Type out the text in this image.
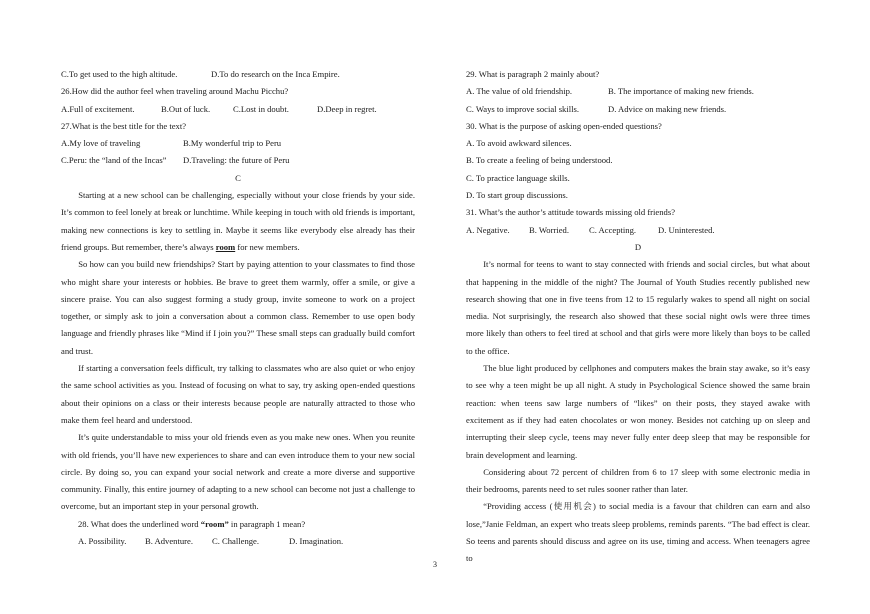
C.To get used to the high altitude.	D.To do research on the Inca Empire.
26.How did the author feel when traveling around Machu Picchu?
A.Full of excitement.	B.Out of luck.	C.Lost in doubt.	D.Deep in regret.
27.What is the best title for the text?
A.My love of traveling	B.My wonderful trip to Peru
C.Peru: the “land of the Incas”	D.Traveling: the future of Peru
C
Starting at a new school can be challenging, especially without your close friends by your side. It’s common to feel lonely at break or lunchtime. While keeping in touch with old friends is important, making new connections is key to settling in. Maybe it seems like everybody else already has their friend groups. But remember, there’s always room for new members.
So how can you build new friendships? Start by paying attention to your classmates to find those who might share your interests or hobbies. Be brave to greet them warmly, offer a smile, or give a sincere praise. You can also suggest forming a study group, invite someone to work on a project together, or simply ask to join a conversation about a common class. Remember to use open body language and friendly phrases like “Mind if I join you?” These small steps can gradually build comfort and trust.
If starting a conversation feels difficult, try talking to classmates who are also quiet or who enjoy the same school activities as you. Instead of focusing on what to say, try asking open-ended questions about their opinions on a class or their interests because people are naturally attracted to those who make them feel heard and understood.
It’s quite understandable to miss your old friends even as you make new ones. When you reunite with old friends, you’ll have new experiences to share and can even introduce them to your new social circle. By doing so, you can expand your social network and create a more diverse and supportive community. Finally, this entire journey of adapting to a new school can become not just a challenge to overcome, but an important step in your personal growth.
28. What does the underlined word “room” in paragraph 1 mean?
A. Possibility.	B. Adventure.	C. Challenge.	D. Imagination.
29. What is paragraph 2 mainly about?
A. The value of old friendship.	B. The importance of making new friends.
C. Ways to improve social skills.	D. Advice on making new friends.
30. What is the purpose of asking open-ended questions?
A. To avoid awkward silences.
B. To create a feeling of being understood.
C. To practice language skills.
D. To start group discussions.
31. What’s the author’s attitude towards missing old friends?
A. Negative.	B. Worried.	C. Accepting.	D. Uninterested.
D
It’s normal for teens to want to stay connected with friends and social circles, but what about that happening in the middle of the night? The Journal of Youth Studies recently published new research showing that one in five teens from 12 to 15 regularly wakes to spend all night on social media. Not surprisingly, the research also showed that these social night owls were three times more likely than others to feel tired at school and that girls were more likely than boys to be called to the office.
The blue light produced by cellphones and computers makes the brain stay awake, so it’s easy to see why a teen might be up all night. A study in Psychological Science showed the same brain reaction: when teens saw large numbers of “likes” on their posts, they stayed awake with excitement as if they had eaten chocolates or won money. Besides not catching up on sleep and interrupting their sleep cycle, teens may never fully enter deep sleep that may be responsible for brain development and learning.
Considering about 72 percent of children from 6 to 17 sleep with some electronic media in their bedrooms, parents need to set rules sooner rather than later.
“Providing access (使用机会) to social media is a favour that children can earn and also lose,”Janie Feldman, an expert who treats sleep problems, reminds parents. “The bad effect is clear. So teens and parents should discuss and agree on its use, timing and access. When teenagers agree to
3
